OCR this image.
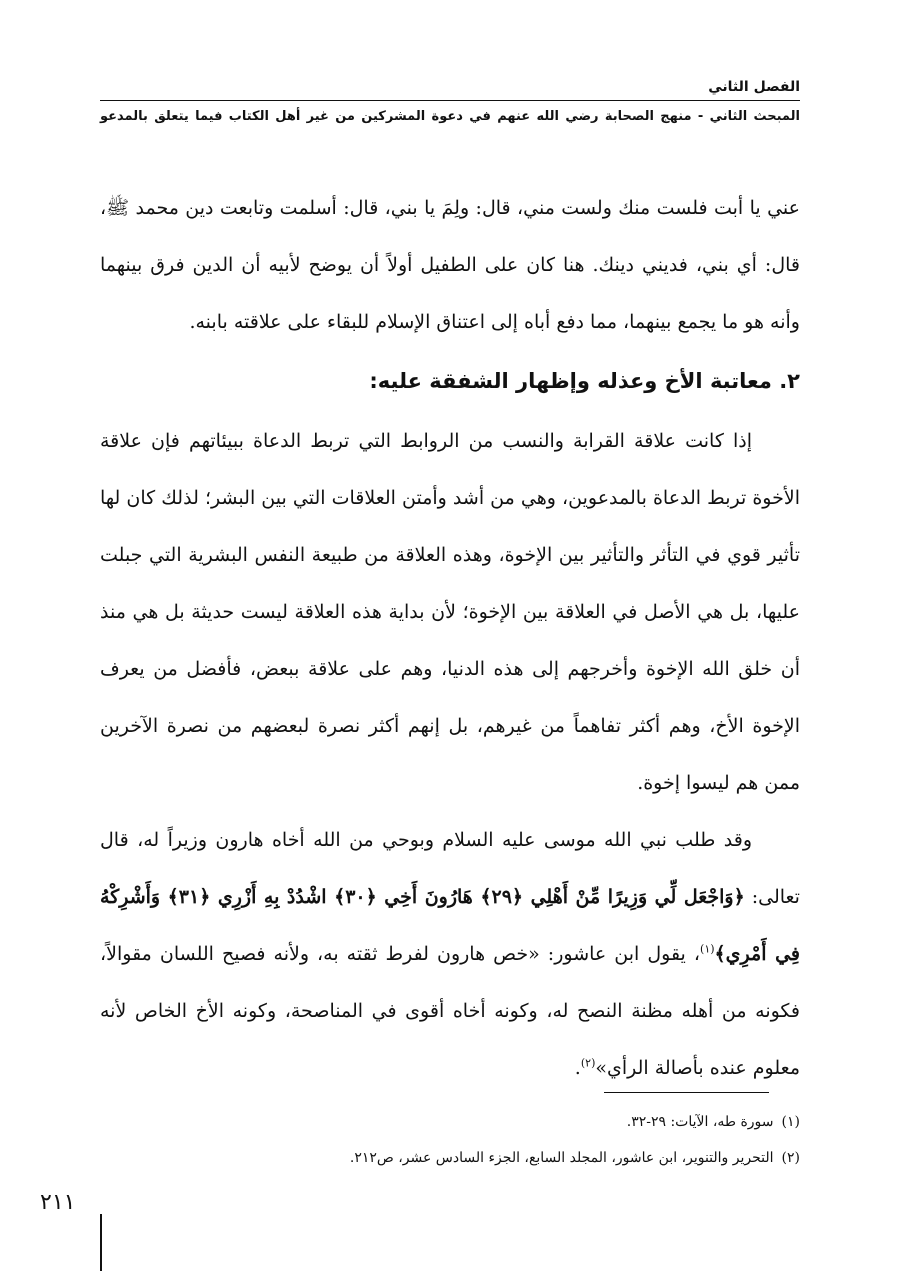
الفصل الثاني
المبحث الثاني - منهج الصحابة رضي الله عنهم في دعوة المشركين من غير أهل الكتاب فيما يتعلق بالمدعو

عني يا أبت فلست منك ولست مني، قال: ولِمَ يا بني، قال: أسلمت وتابعت دين محمد ﷺ، قال: أي بني، فديني دينك. هنا كان على الطفيل أولاً أن يوضح لأبيه أن الدين فرق بينهما وأنه هو ما يجمع بينهما، مما دفع أباه إلى اعتناق الإسلام للبقاء على علاقته بابنه.

٢. معاتبة الأخ وعذله وإظهار الشفقة عليه:

إذا كانت علاقة القرابة والنسب من الروابط التي تربط الدعاة ببيئاتهم فإن علاقة الأخوة تربط الدعاة بالمدعوين، وهي من أشد وأمتن العلاقات التي بين البشر؛ لذلك كان لها تأثير قوي في التأثر والتأثير بين الإخوة، وهذه العلاقة من طبيعة النفس البشرية التي جبلت عليها، بل هي الأصل في العلاقة بين الإخوة؛ لأن بداية هذه العلاقة ليست حديثة بل هي منذ أن خلق الله الإخوة وأخرجهم إلى هذه الدنيا، وهم على علاقة ببعض، فأفضل من يعرف الإخوة الأخ، وهم أكثر تفاهماً من غيرهم، بل إنهم أكثر نصرة لبعضهم من نصرة الآخرين ممن هم ليسوا إخوة.

وقد طلب نبي الله موسى عليه السلام وبوحي من الله أخاه هارون وزيراً له، قال تعالى: ﴿وَاجْعَل لِّي وَزِيرًا مِّنْ أَهْلِي ﴿٢٩﴾ هَارُونَ أَخِي ﴿٣٠﴾ اشْدُدْ بِهِ أَزْرِي ﴿٣١﴾ وَأَشْرِكْهُ فِي أَمْرِي﴾$^{(١)}$، يقول ابن عاشور: «خص هارون لفرط ثقته به، ولأنه فصيح اللسان مقوالاً، فكونه من أهله مظنة النصح له، وكونه أخاه أقوى في المناصحة، وكونه الأخ الخاص لأنه معلوم عنده بأصالة الرأي»$^{(٢)}$.

(١)سورة طه، الآيات: ٢٩-٣٢.
(٢)التحرير والتنوير، ابن عاشور، المجلد السابع، الجزء السادس عشر، ص٢١٢.
٢١١
